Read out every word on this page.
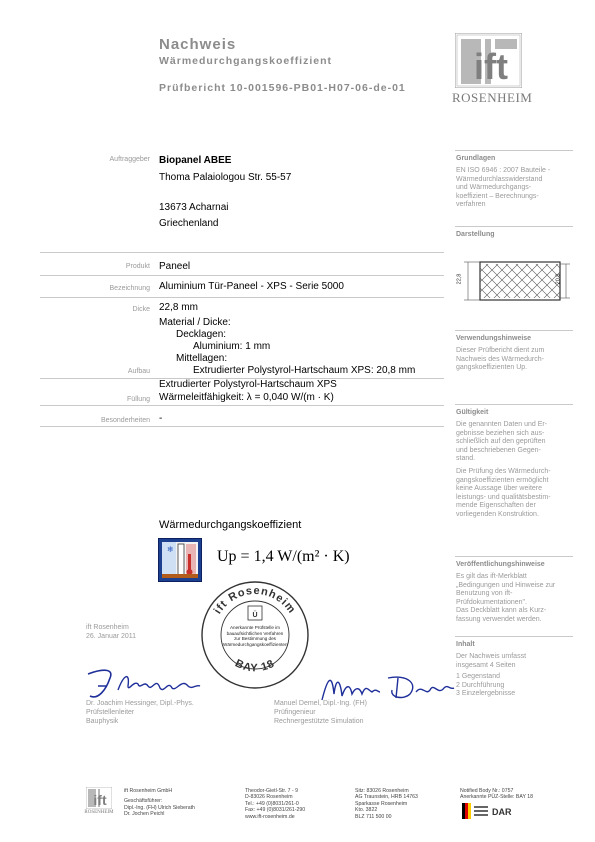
Nachweis
Wärmedurchgangskoeffizient
Prüfbericht 10-001596-PB01-H07-06-de-01
ift
ROSENHEIM
Auftraggeber Biopanel ABEE
Thoma Palaiologou Str. 55-57
13673 Acharnai
Griechenland
Produkt Paneel
Bezeichnung Aluminium Tür-Paneel - XPS - Serie 5000
Dicke 22,8 mm
Material / Dicke:
Decklagen:
Aluminium: 1 mm
Mittellagen:
Extrudierter Polystyrol-Hartschaum XPS: 20,8 mm
Aufbau
Extrudierter Polystyrol-Hartschaum XPS
Füllung Wärmeleitfähigkeit: λ = 0,040 W/(m · K)
Besonderheiten -
Wärmedurchgangskoeffizient
❄	Up = 1,4 W/(m² · K)
ift Rosenheim
26. Januar 2011
ift Rosenheim
BAY 18
Ü
Anerkannte Prüfstelle im bauaufsichtlichen Verfahren zur Bestimmung des Wärmedurchgangskoeffizienten
Dr. Joachim Hessinger, Dipl.-Phys.
Prüfstellenleiter
Bauphysik
Manuel Demel, Dipl.-Ing. (FH)
Prüfingenieur
Rechnergestützte Simulation
Grundlagen
EN ISO 6946 : 2007 Bauteile -
Wärmedurchlasswiderstand
und Wärmedurchgangs-
koeffizient – Berechnungs-
verfahren
Darstellung
22,8	20,8
Verwendungshinweise
Dieser Prüfbericht dient zum
Nachweis des Wärmedurch-
gangskoeffizienten Up.
Gültigkeit
Die genannten Daten und Er-
gebnisse beziehen sich aus-
schließlich auf den geprüften
und beschriebenen Gegen-
stand.
Die Prüfung des Wärmedurch-
gangskoeffizienten ermöglicht
keine Aussage über weitere
leistungs- und qualitätsbestim-
mende Eigenschaften der
vorliegenden Konstruktion.
Veröffentlichungshinweise
Es gilt das ift-Merkblatt
„Bedingungen und Hinweise zur
Benutzung von ift-
Prüfdokumentationen".
Das Deckblatt kann als Kurz-
fassung verwendet werden.
Inhalt
Der Nachweis umfasst
insgesamt 4 Seiten
1 Gegenstand
2 Durchführung
3 Einzelergebnisse
ift
ROSENHEIM
ift Rosenheim GmbH
Geschäftsführer:
Dipl.-Ing. (FH) Ulrich Sieberath
Dr. Jochen Peichl
Theodor-Gietl-Str. 7 - 9
D-83026 Rosenheim
Tel.: +49 (0)8031/261-0
Fax: +49 (0)8031/261-290
www.ift-rosenheim.de
Sitz: 83026 Rosenheim
AG Traunstein, HRB 14763
Sparkasse Rosenheim
Kto. 3822
BLZ 711 500 00
Notified Body Nr.: 0757
Anerkannte PÜZ-Stelle: BAY 18
DAR
